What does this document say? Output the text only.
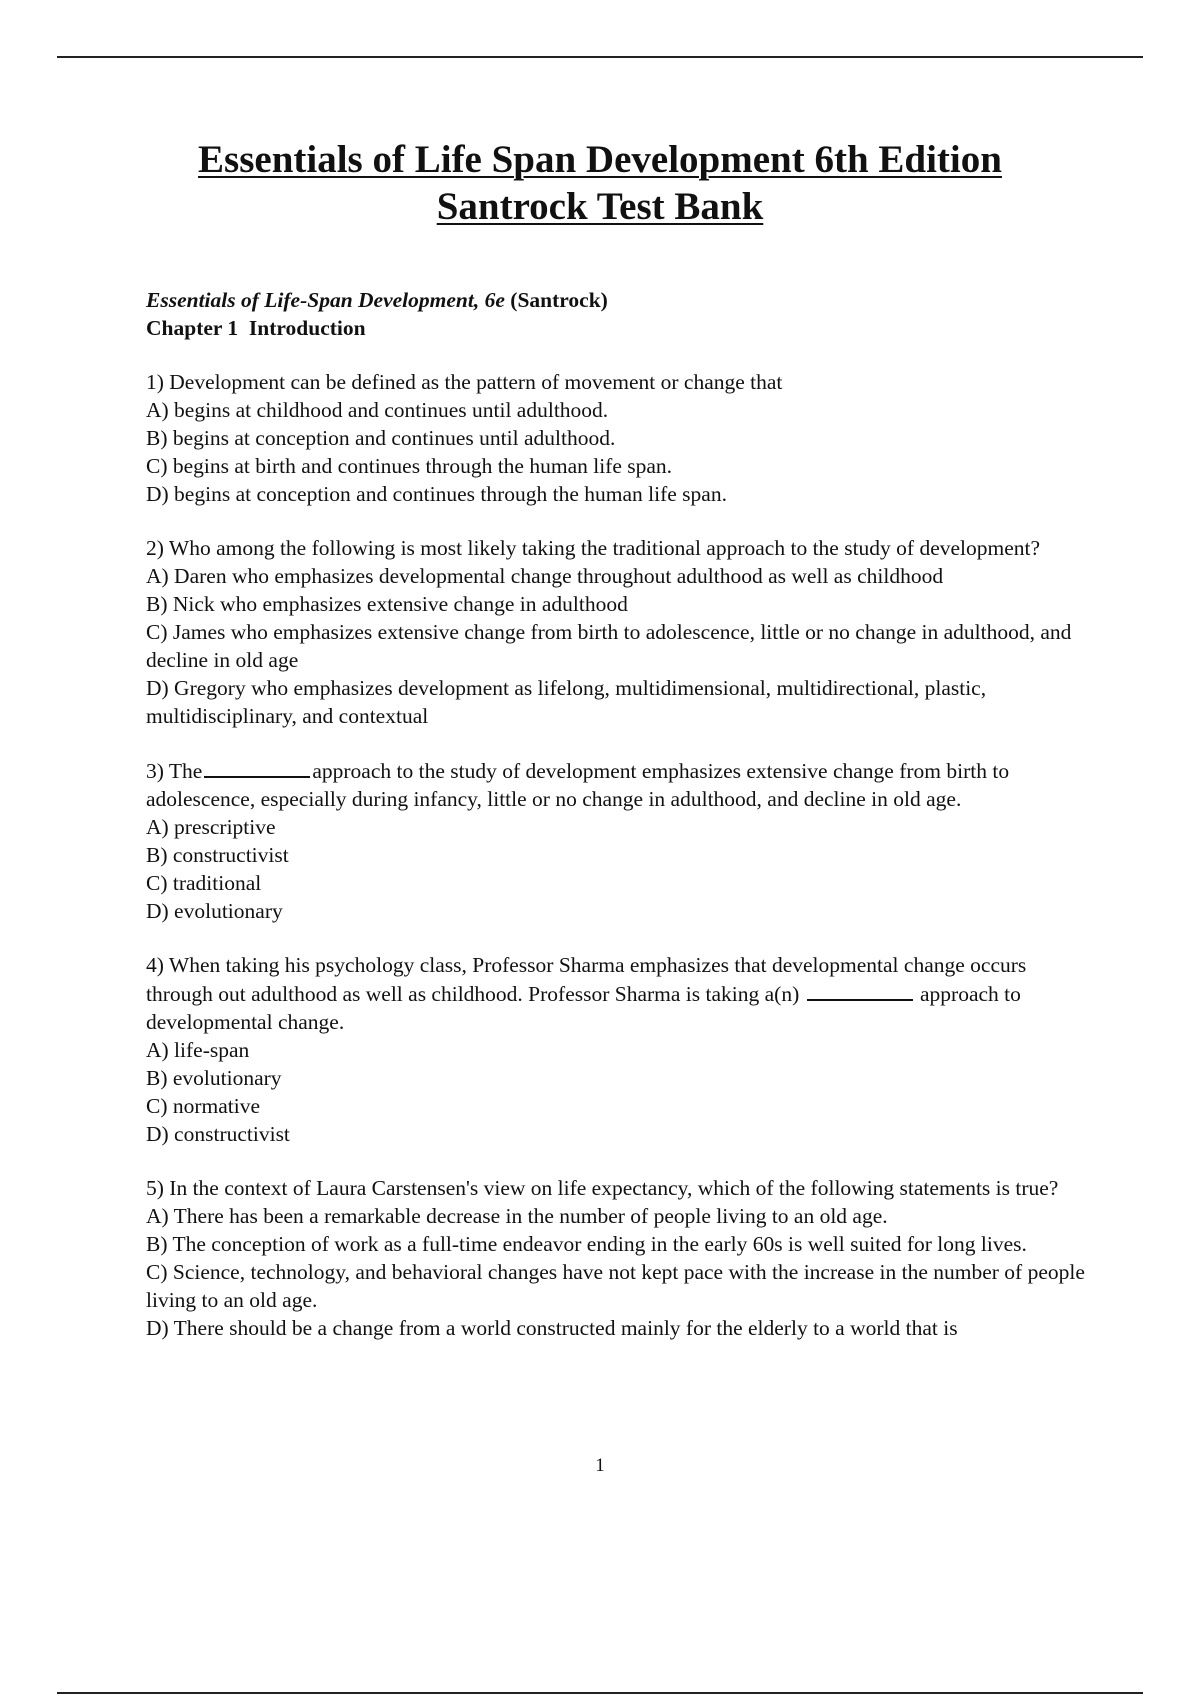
Essentials of Life Span Development 6th Edition
Santrock Test Bank

Essentials of Life-Span Development, 6e (Santrock)

Chapter 1  Introduction

1) Development can be defined as the pattern of movement or change that

A) begins at childhood and continues until adulthood.

B) begins at conception and continues until adulthood.

C) begins at birth and continues through the human life span.

D) begins at conception and continues through the human life span.

2) Who among the following is most likely taking the traditional approach to the study of development?

A) Daren who emphasizes developmental change throughout adulthood as well as childhood

B) Nick who emphasizes extensive change in adulthood

C) James who emphasizes extensive change from birth to adolescence, little or no change in adulthood, and decline in old age

D) Gregory who emphasizes development as lifelong, multidimensional, multidirectional, plastic, multidisciplinary, and contextual

3) The	approach to the study of development emphasizes extensive change from birth to adolescence, especially during infancy, little or no change in adulthood, and decline in old age.

A) prescriptive

B) constructivist

C) traditional

D) evolutionary

4) When taking his psychology class, Professor Sharma emphasizes that developmental change occurs through out adulthood as well as childhood. Professor Sharma is taking a(n)	approach to developmental change.

A) life-span

B) evolutionary

C) normative

D) constructivist

5) In the context of Laura Carstensen's view on life expectancy, which of the following statements is true?

A) There has been a remarkable decrease in the number of people living to an old age.

B) The conception of work as a full-time endeavor ending in the early 60s is well suited for long lives.

C) Science, technology, and behavioral changes have not kept pace with the increase in the number of people living to an old age.

D) There should be a change from a world constructed mainly for the elderly to a world that is

1
